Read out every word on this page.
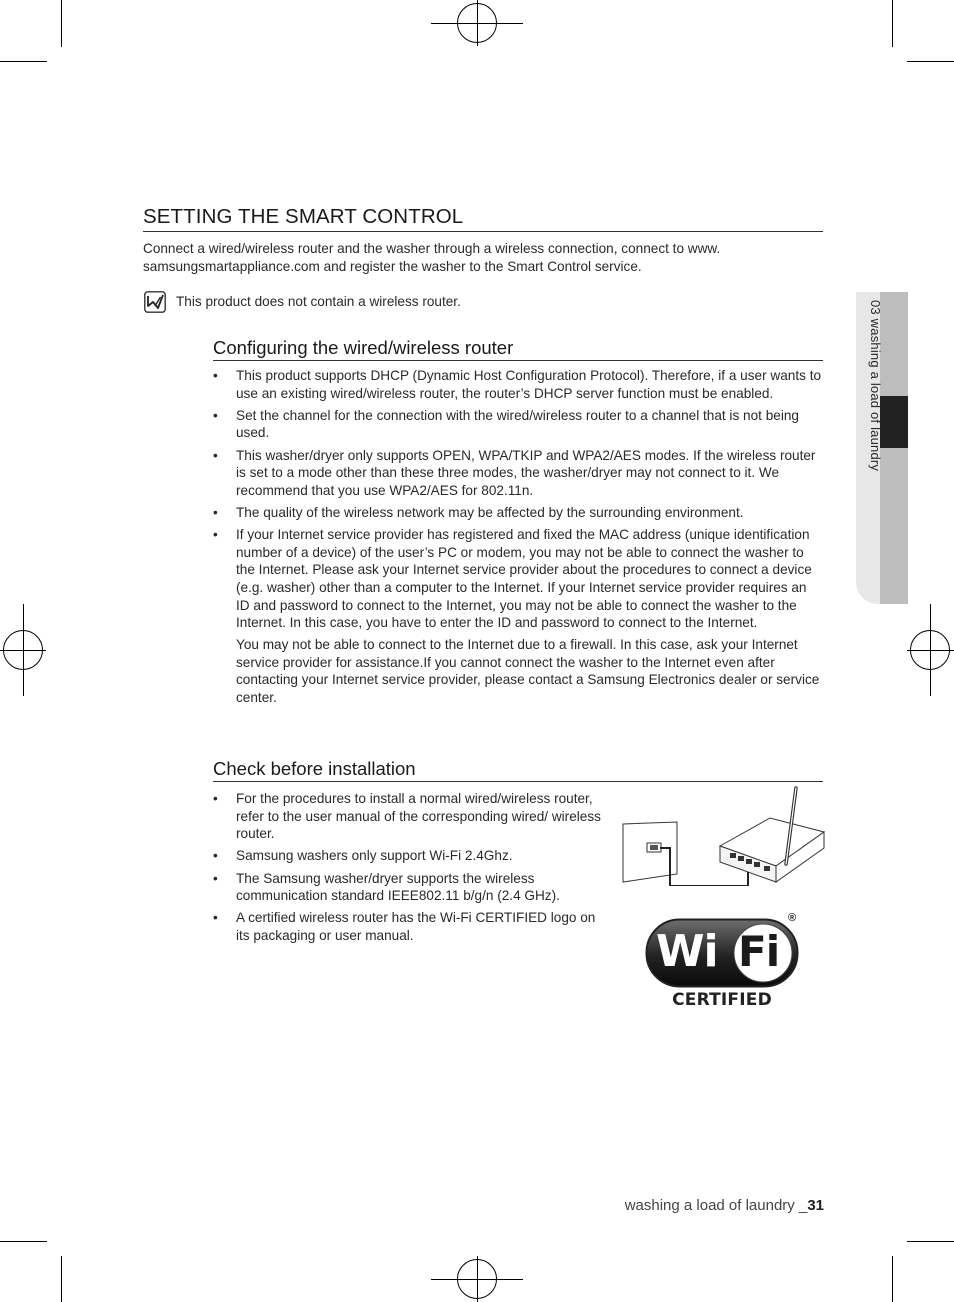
SETTING THE SMART CONTROL
Connect a wired/wireless router and the washer through a wireless connection, connect to www. samsungsmartappliance.com and register the washer to the Smart Control service.
This product does not contain a wireless router.
Configuring the wired/wireless router

• This product supports DHCP (Dynamic Host Configuration Protocol). Therefore, if a user wants to use an existing wired/wireless router, the router’s DHCP server function must be enabled.

• Set the channel for the connection with the wired/wireless router to a channel that is not being used.

• This washer/dryer only supports OPEN, WPA/TKIP and WPA2/AES modes. If the wireless router is set to a mode other than these three modes, the washer/dryer may not connect to it. We recommend that you use WPA2/AES for 802.11n.

• The quality of the wireless network may be affected by the surrounding environment.

• If your Internet service provider has registered and fixed the MAC address (unique identification number of a device) of the user’s PC or modem, you may not be able to connect the washer to the Internet. Please ask your Internet service provider about the procedures to connect a device (e.g. washer) other than a computer to the Internet. If your Internet service provider requires an ID and password to connect to the Internet, you may not be able to connect the washer to the Internet. In this case, you have to enter the ID and password to connect to the Internet.

You may not be able to connect to the Internet due to a firewall. In this case, ask your Internet service provider for assistance.If you cannot connect the washer to the Internet even after contacting your Internet service provider, please contact a Samsung Electronics dealer or service center.

Check before installation

• For the procedures to install a normal wired/wireless router, refer to the user manual of the corresponding wired/ wireless router.

• Samsung washers only support Wi-Fi 2.4Ghz.

• The Samsung washer/dryer supports the wireless communication standard IEEE802.11 b/g/n (2.4 GHz).

• A certified wireless router has the Wi-Fi CERTIFIED logo on its packaging or user manual.	Wi Fi
®
CERTIFIED
03 washing a load of laundry
washing a load of laundry _31
